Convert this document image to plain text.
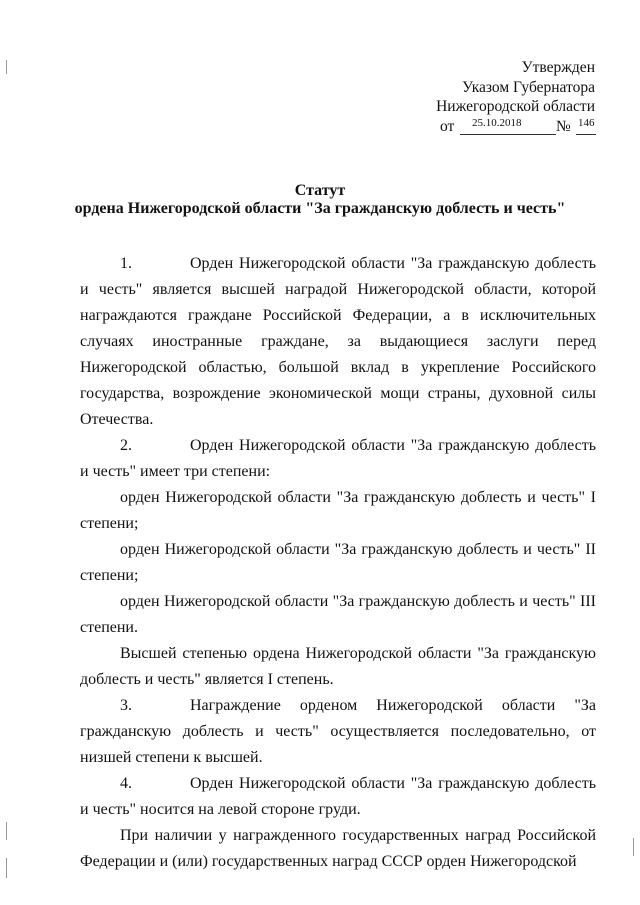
Утвержден
Указом Губернатора
Нижегородской области
от 25.10.2018 № 146
Статут
ордена Нижегородской области "За гражданскую доблесть и честь"

1.	Орден Нижегородской области "За гражданскую доблесть и честь" является высшей наградой Нижегородской области, которой награждаются граждане Российской Федерации, а в исключительных случаях иностранные граждане, за выдающиеся заслуги перед Нижегородской областью, большой вклад в укрепление Российского государства, возрождение экономической мощи страны, духовной силы Отечества.

2.	Орден Нижегородской области "За гражданскую доблесть и честь" имеет три степени:

орден Нижегородской области "За гражданскую доблесть и честь" I степени;

орден Нижегородской области "За гражданскую доблесть и честь" II степени;

орден Нижегородской области "За гражданскую доблесть и честь" III степени.

Высшей степенью ордена Нижегородской области "За гражданскую доблесть и честь" является I степень.

3.	Награждение орденом Нижегородской области "За гражданскую доблесть и честь" осуществляется последовательно, от низшей степени к высшей.

4.	Орден Нижегородской области "За гражданскую доблесть и честь" носится на левой стороне груди.

При наличии у награжденного государственных наград Российской Федерации и (или) государственных наград СССР орден Нижегородской
